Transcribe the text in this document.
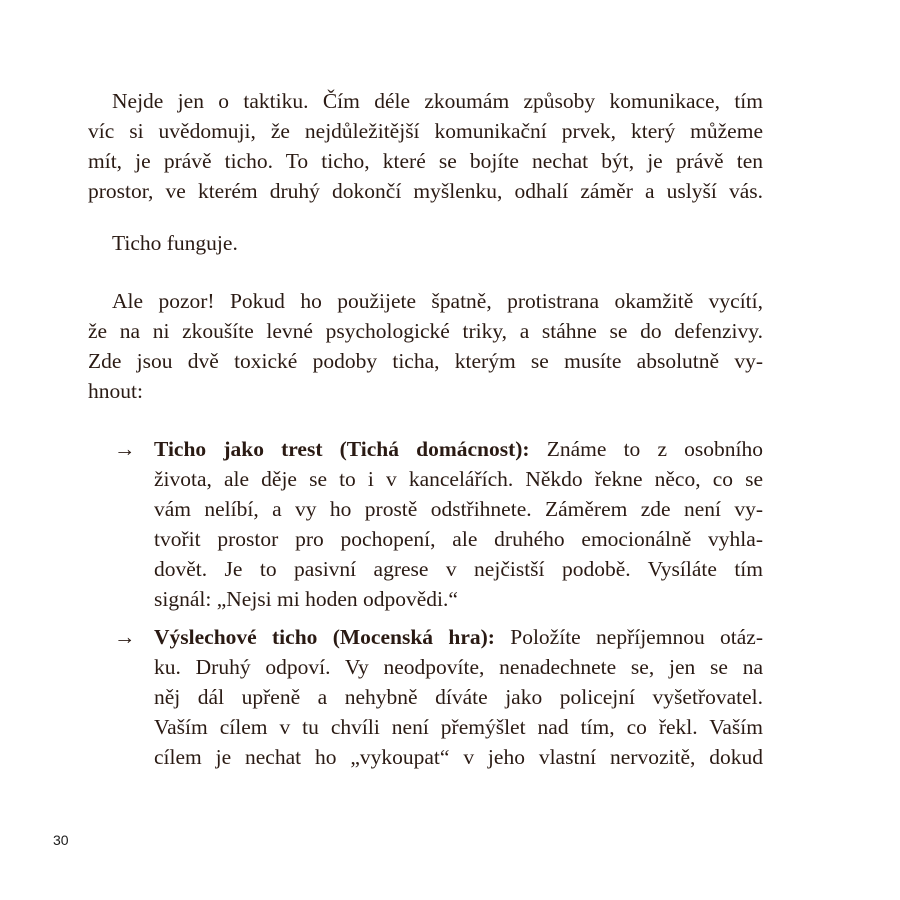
Nejde jen o taktiku. Čím déle zkoumám způsoby komunikace, tím
víc si uvědomuji, že nejdůležitější komunikační prvek, který můžeme
mít, je právě ticho. To ticho, které se bojíte nechat být, je právě ten
prostor, ve kterém druhý dokončí myšlenku, odhalí záměr a uslyší vás.
Ticho funguje.
Ale pozor! Pokud ho použijete špatně, protistrana okamžitě vycítí,
že na ni zkoušíte levné psychologické triky, a stáhne se do defenzivy.
Zde jsou dvě toxické podoby ticha, kterým se musíte absolutně vy-
hnout:
→ Ticho jako trest (Tichá domácnost): Známe to z osobního
života, ale děje se to i v kancelářích. Někdo řekne něco, co se
vám nelíbí, a vy ho prostě odstřihnete. Záměrem zde není vy-
tvořit prostor pro pochopení, ale druhého emocionálně vyhla-
dovět. Je to pasivní agrese v nejčistší podobě. Vysíláte tím
signál: „Nejsi mi hoden odpovědi.“
→ Výslechové ticho (Mocenská hra): Položíte nepříjemnou otáz-
ku. Druhý odpoví. Vy neodpovíte, nenadechnete se, jen se na
něj dál upřeně a nehybně díváte jako policejní vyšetřovatel.
Vaším cílem v tu chvíli není přemýšlet nad tím, co řekl. Vaším
cílem je nechat ho „vykoupat“ v jeho vlastní nervozitě, dokud
30
